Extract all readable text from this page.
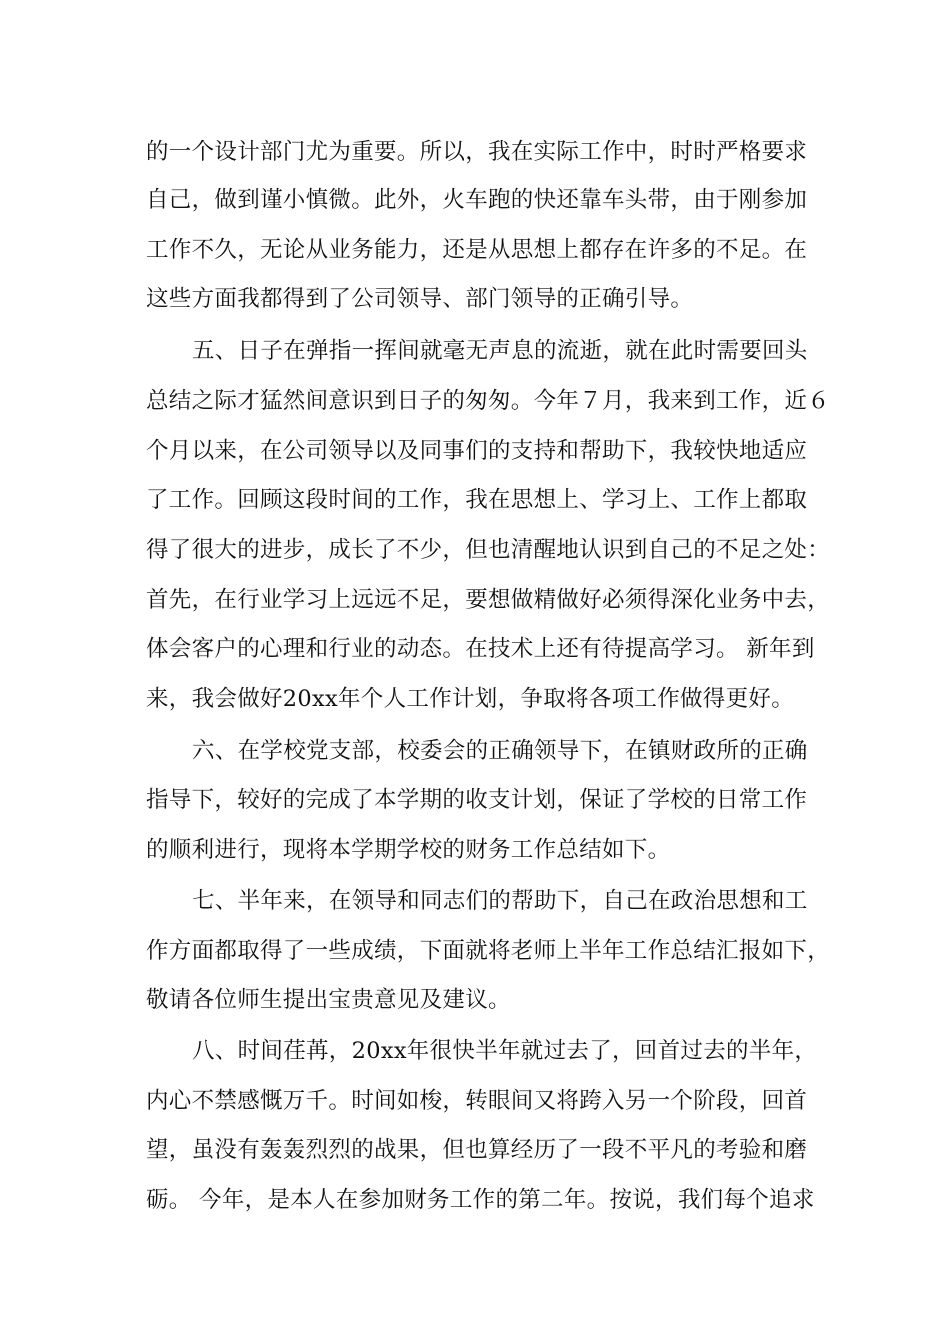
的一个设计部门尤为重要。所以，我在实际工作中，时时严格要求
自己，做到谨小慎微。此外，火车跑的快还靠车头带，由于刚参加
工作不久，无论从业务能力，还是从思想上都存在许多的不足。在
这些方面我都得到了公司领导、部门领导的正确引导。
五、日子在弹指一挥间就毫无声息的流逝，就在此时需要回头
总结之际才猛然间意识到日子的匆匆。今年７月，我来到工作，近６
个月以来，在公司领导以及同事们的支持和帮助下，我较快地适应
了工作。回顾这段时间的工作，我在思想上、学习上、工作上都取
得了很大的进步，成长了不少，但也清醒地认识到自己的不足之处：
首先，在行业学习上远远不足，要想做精做好必须得深化业务中去，
体会客户的心理和行业的动态。在技术上还有待提高学习。 新年到
来，我会做好20xx年个人工作计划，争取将各项工作做得更好。
六、在学校党支部，校委会的正确领导下，在镇财政所的正确
指导下，较好的完成了本学期的收支计划，保证了学校的日常工作
的顺利进行，现将本学期学校的财务工作总结如下。
七、半年来，在领导和同志们的帮助下，自己在政治思想和工
作方面都取得了一些成绩，下面就将老师上半年工作总结汇报如下，
敬请各位师生提出宝贵意见及建议。
八、时间荏苒，20xx年很快半年就过去了，回首过去的半年，
内心不禁感慨万千。时间如梭，转眼间又将跨入另一个阶段，回首
望，虽没有轰轰烈烈的战果，但也算经历了一段不平凡的考验和磨
砺。 今年，是本人在参加财务工作的第二年。按说，我们每个追求
